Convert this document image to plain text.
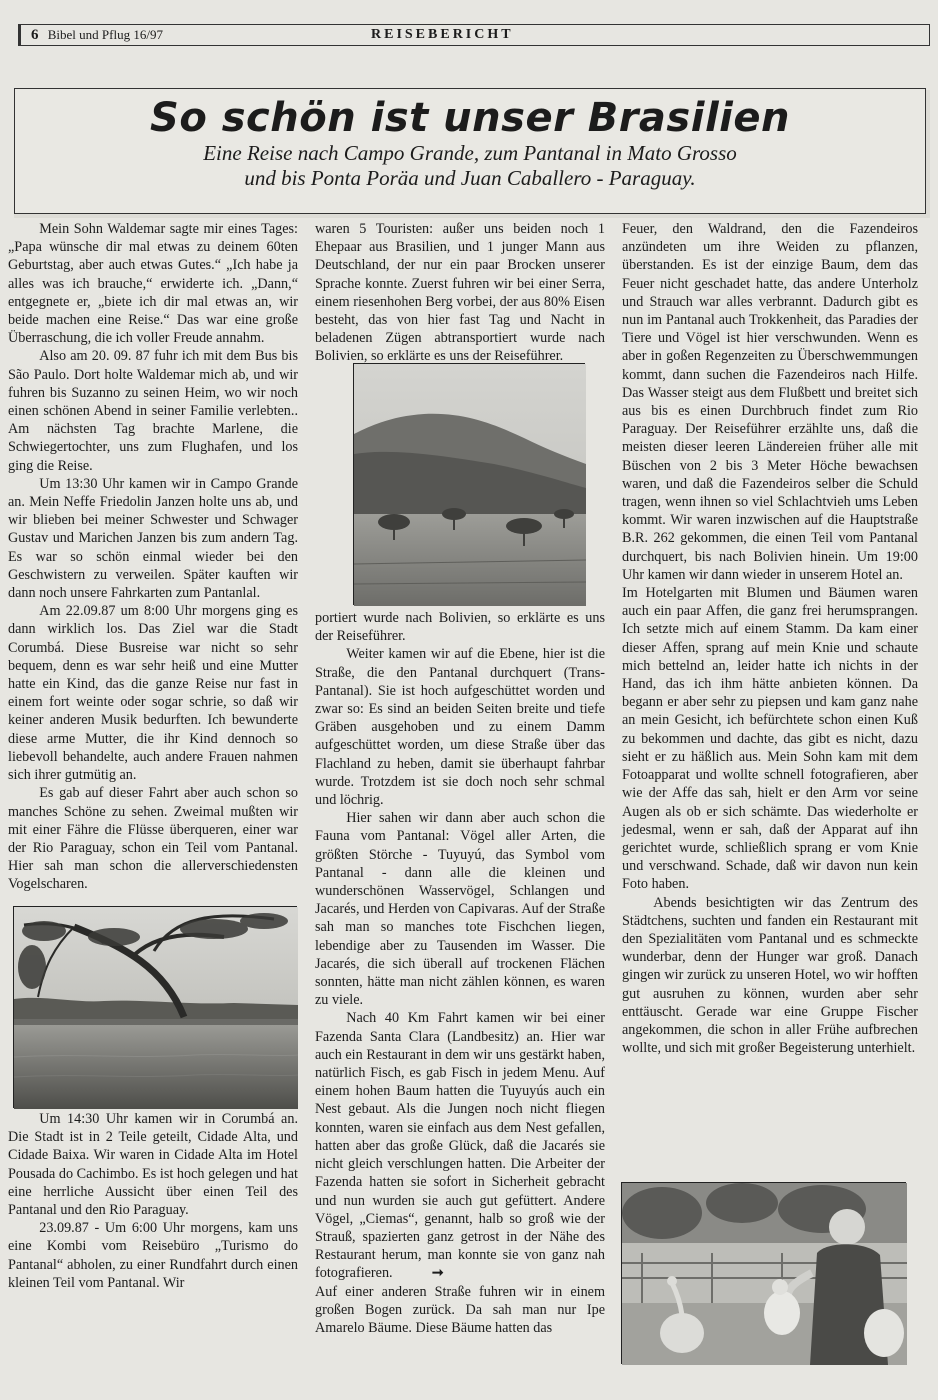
6 Bibel und Pflug 16/97	REISEBERICHT
So schön ist unser Brasilien
Eine Reise nach Campo Grande, zum Pantanal in Mato Grosso
und bis Ponta Poräa und Juan Caballero - Paraguay.

Mein Sohn Waldemar sagte mir eines Tages: „Papa wünsche dir mal etwas zu deinem 60ten Geburtstag, aber auch etwas Gutes.“ „Ich habe ja alles was ich brauche,“ erwiderte ich. „Dann,“ entgegnete er, „biete ich dir mal etwas an, wir beide machen eine Reise.“ Das war eine große Überraschung, die ich voller Freude annahm.

Also am 20. 09. 87 fuhr ich mit dem Bus bis São Paulo. Dort holte Waldemar mich ab, und wir fuhren bis Suzanno zu seinen Heim, wo wir noch einen schönen Abend in seiner Familie verlebten.. Am nächsten Tag brachte Marlene, die Schwiegertochter, uns zum Flughafen, und los ging die Reise.

Um 13:30 Uhr kamen wir in Campo Grande an. Mein Neffe Friedolin Janzen holte uns ab, und wir blieben bei meiner Schwester und Schwager Gustav und Marichen Janzen bis zum andern Tag. Es war so schön einmal wieder bei den Geschwistern zu verweilen. Später kauften wir dann noch unsere Fahrkarten zum Pantanlal.

Am 22.09.87 um 8:00 Uhr morgens ging es dann wirklich los. Das Ziel war die Stadt Corumbá. Diese Busreise war nicht so sehr bequem, denn es war sehr heiß und eine Mutter hatte ein Kind, das die ganze Reise nur fast in einem fort weinte oder sogar schrie, so daß wir keiner anderen Musik bedurften. Ich bewunderte diese arme Mutter, die ihr Kind dennoch so liebevoll behandelte, auch andere Frauen nahmen sich ihrer gutmütig an.

Es gab auf dieser Fahrt aber auch schon so manches Schöne zu sehen. Zweimal mußten wir mit einer Fähre die Flüsse überqueren, einer war der Rio Paraguay, schon ein Teil vom Pantanal. Hier sah man schon die allerverschiedensten Vogelscharen.

Um 14:30 Uhr kamen wir in Corumbá an. Die Stadt ist in 2 Teile geteilt, Cidade Alta, und Cidade Baixa. Wir waren in Cidade Alta im Hotel Pousada do Cachimbo. Es ist hoch gelegen und hat eine herrliche Aussicht über einen Teil des Pantanal und den Rio Paraguay.

23.09.87 - Um 6:00 Uhr morgens, kam uns eine Kombi vom Reisebüro „Turismo do Pantanal“ abholen, zu einer Rundfahrt durch einen kleinen Teil vom Pantanal. Wir

waren 5 Touristen: außer uns beiden noch 1 Ehepaar aus Brasilien, und 1 junger Mann aus Deutschland, der nur ein paar Brocken unserer Sprache konnte. Zuerst fuhren wir bei einer Serra, einem riesenhohen Berg vorbei, der aus 80% Eisen besteht, das von hier fast Tag und Nacht in beladenen Zügen abtransportiert wurde nach Bolivien, so erklärte es uns der Reiseführer.

portiert wurde nach Bolivien, so erklärte es uns der Reiseführer.

Weiter kamen wir auf die Ebene, hier ist die Straße, die den Pantanal durchquert (Trans-Pantanal). Sie ist hoch aufgeschüttet worden und zwar so: Es sind an beiden Seiten breite und tiefe Gräben ausgehoben und zu einem Damm aufgeschüttet worden, um diese Straße über das Flachland zu heben, damit sie überhaupt fahrbar wurde. Trotzdem ist sie doch noch sehr schmal und löchrig.

Hier sahen wir dann aber auch schon die Fauna vom Pantanal: Vögel aller Arten, die größten Störche - Tuyuyú, das Symbol vom Pantanal - dann alle die kleinen und wunderschönen Wasservögel, Schlangen und Jacarés, und Herden von Capivaras. Auf der Straße sah man so manches tote Fischchen liegen, lebendige aber zu Tausenden im Wasser. Die Jacarés, die sich überall auf trockenen Flächen sonnten, hätte man nicht zählen können, es waren zu viele.

Nach 40 Km Fahrt kamen wir bei einer Fazenda Santa Clara (Landbesitz) an. Hier war auch ein Restaurant in dem wir uns gestärkt haben, natürlich Fisch, es gab Fisch in jedem Menu. Auf einem hohen Baum hatten die Tuyuyús auch ein Nest gebaut. Als die Jungen noch nicht fliegen konnten, waren sie einfach aus dem Nest gefallen, hatten aber das große Glück, daß die Jacarés sie nicht gleich verschlungen hatten. Die Arbeiter der Fazenda hatten sie sofort in Sicherheit gebracht und nun wurden sie auch gut gefüttert. Andere Vögel, „Ciemas“, genannt, halb so groß wie der Strauß, spazierten ganz getrost in der Nähe des Restaurant herum, man konnte sie von ganz nah fotografieren.	➞

Auf einer anderen Straße fuhren wir in einem großen Bogen zurück. Da sah man nur Ipe Amarelo Bäume. Diese Bäume hatten das

Feuer, den Waldrand, den die Fazendeiros anzündeten um ihre Weiden zu pflanzen, überstanden. Es ist der einzige Baum, dem das Feuer nicht geschadet hatte, das andere Unterholz und Strauch war alles verbrannt. Dadurch gibt es nun im Pantanal auch Trokkenheit, das Paradies der Tiere und Vögel ist hier verschwunden. Wenn es aber in goßen Regenzeiten zu Überschwemmungen kommt, dann suchen die Fazendeiros nach Hilfe. Das Wasser steigt aus dem Flußbett und breitet sich aus bis es einen Durchbruch findet zum Rio Paraguay. Der Reiseführer erzählte uns, daß die meisten dieser leeren Ländereien früher alle mit Büschen von 2 bis 3 Meter Höche bewachsen waren, und daß die Fazendeiros selber die Schuld tragen, wenn ihnen so viel Schlachtvieh ums Leben kommt. Wir waren inzwischen auf die Hauptstraße B.R. 262 gekommen, die einen Teil vom Pantanal durchquert, bis nach Bolivien hinein. Um 19:00 Uhr kamen wir dann wieder in unserem Hotel an.

Im Hotelgarten mit Blumen und Bäumen waren auch ein paar Affen, die ganz frei herumsprangen. Ich setzte mich auf einem Stamm. Da kam einer dieser Affen, sprang auf mein Knie und schaute mich bettelnd an, leider hatte ich nichts in der Hand, das ich ihm hätte anbieten können. Da begann er aber sehr zu piepsen und kam ganz nahe an mein Gesicht, ich befürchtete schon einen Kuß zu bekommen und dachte, das gibt es nicht, dazu sieht er zu häßlich aus. Mein Sohn kam mit dem Fotoapparat und wollte schnell fotografieren, aber wie der Affe das sah, hielt er den Arm vor seine Augen als ob er sich schämte. Das wiederholte er jedesmal, wenn er sah, daß der Apparat auf ihn gerichtet wurde, schließlich sprang er vom Knie und verschwand. Schade, daß wir davon nun kein Foto haben.

Abends besichtigten wir das Zentrum des Städtchens, suchten und fanden ein Restaurant mit den Spezialitäten vom Pantanal und es schmeckte wunderbar, denn der Hunger war groß. Danach gingen wir zurück zu unseren Hotel, wo wir hofften gut ausruhen zu können, wurden aber sehr enttäuscht. Gerade war eine Gruppe Fischer angekommen, die schon in aller Frühe aufbrechen wollte, und sich mit großer Begeisterung unterhielt.
